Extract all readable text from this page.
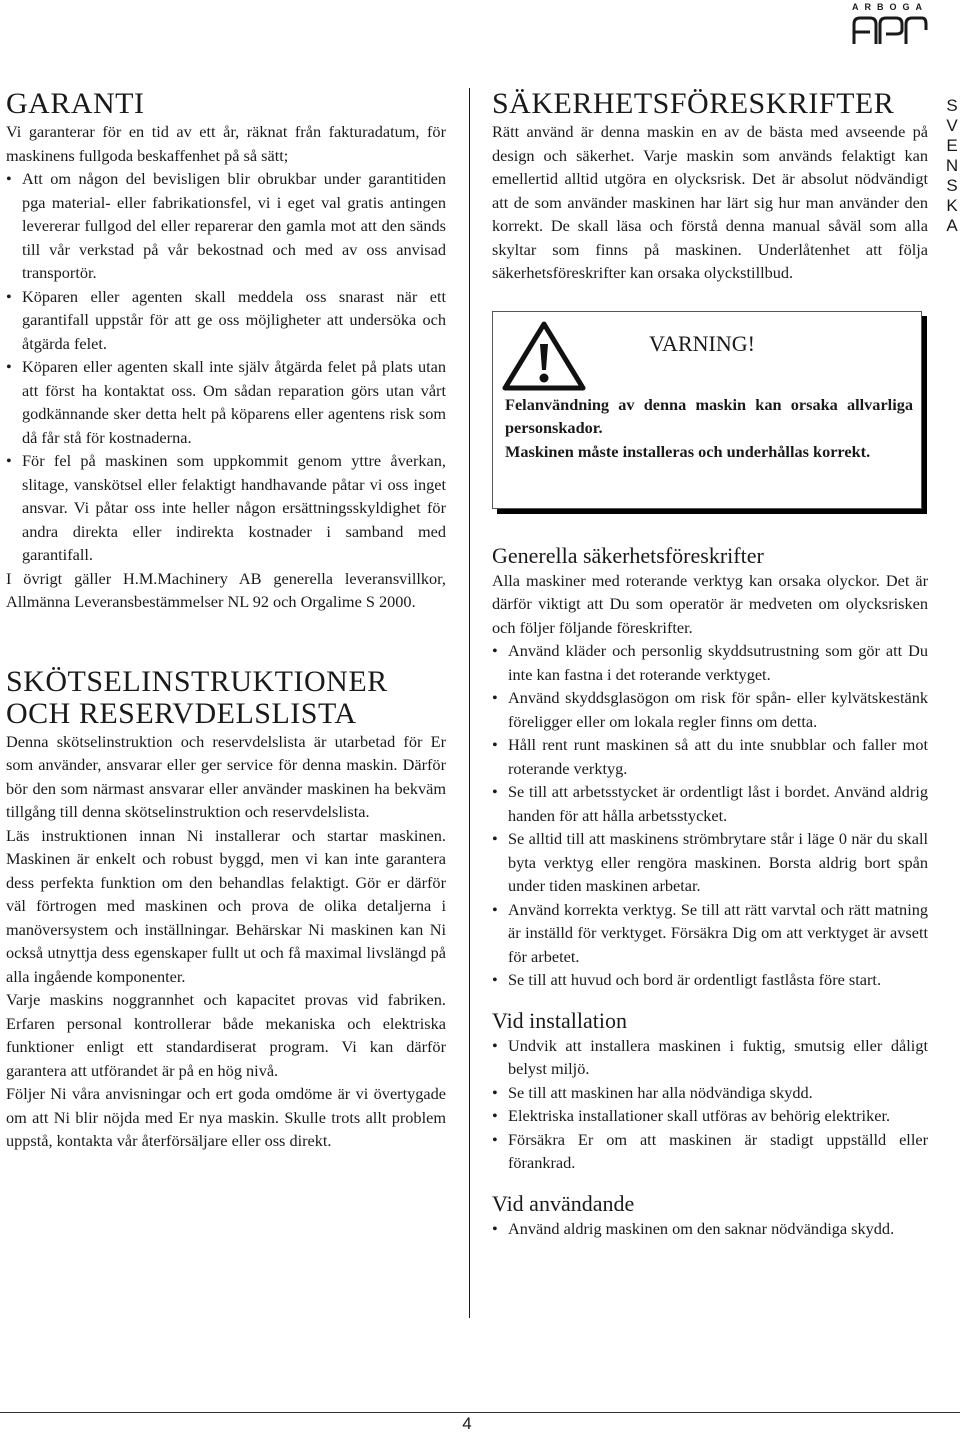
ARBOGA
S
V
E
N
S
K
A
GARANTI

Vi garanterar för en tid av ett år, räknat från fakturadatum, för maskinens fullgoda beskaffenhet på så sätt;

• Att om någon del bevisligen blir obrukbar under garantitiden pga material- eller fabrikationsfel, vi i eget val gratis antingen levererar fullgod del eller reparerar den gamla mot att den sänds till vår verkstad på vår bekostnad och med av oss anvisad transportör.
• Köparen eller agenten skall meddela oss snarast när ett garantifall uppstår för att ge oss möjligheter att undersöka och åtgärda felet.
• Köparen eller agenten skall inte själv åtgärda felet på plats utan att först ha kontaktat oss. Om sådan reparation görs utan vårt godkännande sker detta helt på köparens eller agentens risk som då får stå för kostnaderna.
• För fel på maskinen som uppkommit genom yttre åverkan, slitage, vanskötsel eller felaktigt handhavande påtar vi oss inget ansvar. Vi påtar oss inte heller någon ersättningsskyldighet för andra direkta eller indirekta kostnader i samband med garantifall.

I övrigt gäller H.M.Machinery AB generella leveransvillkor, Allmänna Leveransbestämmelser NL 92 och Orgalime S 2000.

SKÖTSELINSTRUKTIONER
OCH RESERVDELSLISTA

Denna skötselinstruktion och reservdelslista är utarbetad för Er som använder, ansvarar eller ger service för denna maskin. Därför bör den som närmast ansvarar eller använder maskinen ha bekväm tillgång till denna skötselinstruktion och reservdelslista.

Läs instruktionen innan Ni installerar och startar maskinen. Maskinen är enkelt och robust byggd, men vi kan inte garantera dess perfekta funktion om den behandlas felaktigt. Gör er därför väl förtrogen med maskinen och prova de olika detaljerna i manöversystem och inställningar. Behärskar Ni maskinen kan Ni också utnyttja dess egenskaper fullt ut och få maximal livslängd på alla ingående komponenter.

Varje maskins noggrannhet och kapacitet provas vid fabriken. Erfaren personal kontrollerar både mekaniska och elektriska funktioner enligt ett standardiserat program. Vi kan därför garantera att utförandet är på en hög nivå.

Följer Ni våra anvisningar och ert goda omdöme är vi övertygade om att Ni blir nöjda med Er nya maskin. Skulle trots allt problem uppstå, kontakta vår återförsäljare eller oss direkt.

SÄKERHETSFÖRESKRIFTER

Rätt använd är denna maskin en av de bästa med avseende på design och säkerhet. Varje maskin som används felaktigt kan emellertid alltid utgöra en olycksrisk. Det är absolut nödvändigt att de som använder maskinen har lärt sig hur man använder den korrekt. De skall läsa och förstå denna manual såväl som alla skyltar som finns på maskinen. Underlåtenhet att följa säkerhetsföreskrifter kan orsaka olyckstillbud.

VARNING!

Felanvändning av denna maskin kan orsaka allvarliga personskador.

Maskinen måste installeras och underhållas korrekt.

Generella säkerhetsföreskrifter

Alla maskiner med roterande verktyg kan orsaka olyckor. Det är därför viktigt att Du som operatör är medveten om olycksrisken och följer följande föreskrifter.

• Använd kläder och personlig skyddsutrustning som gör att Du inte kan fastna i det roterande verktyget.
• Använd skyddsglasögon om risk för spån- eller kylvätskestänk föreligger eller om lokala regler finns om detta.
• Håll rent runt maskinen så att du inte snubblar och faller mot roterande verktyg.
• Se till att arbetsstycket är ordentligt låst i bordet. Använd aldrig handen för att hålla arbetsstycket.
• Se alltid till att maskinens strömbrytare står i läge 0 när du skall byta verktyg eller rengöra maskinen. Borsta aldrig bort spån under tiden maskinen arbetar.
• Använd korrekta verktyg. Se till att rätt varvtal och rätt matning är inställd för verktyget. Försäkra Dig om att verktyget är avsett för arbetet.
• Se till att huvud och bord är ordentligt fastlåsta före start.
Vid installation
• Undvik att installera maskinen i fuktig, smutsig eller dåligt belyst miljö.
• Se till att maskinen har alla nödvändiga skydd.
• Elektriska installationer skall utföras av behörig elektriker.
• Försäkra Er om att maskinen är stadigt uppställd eller förankrad.
Vid användande
• Använd aldrig maskinen om den saknar nödvändiga skydd.
4
